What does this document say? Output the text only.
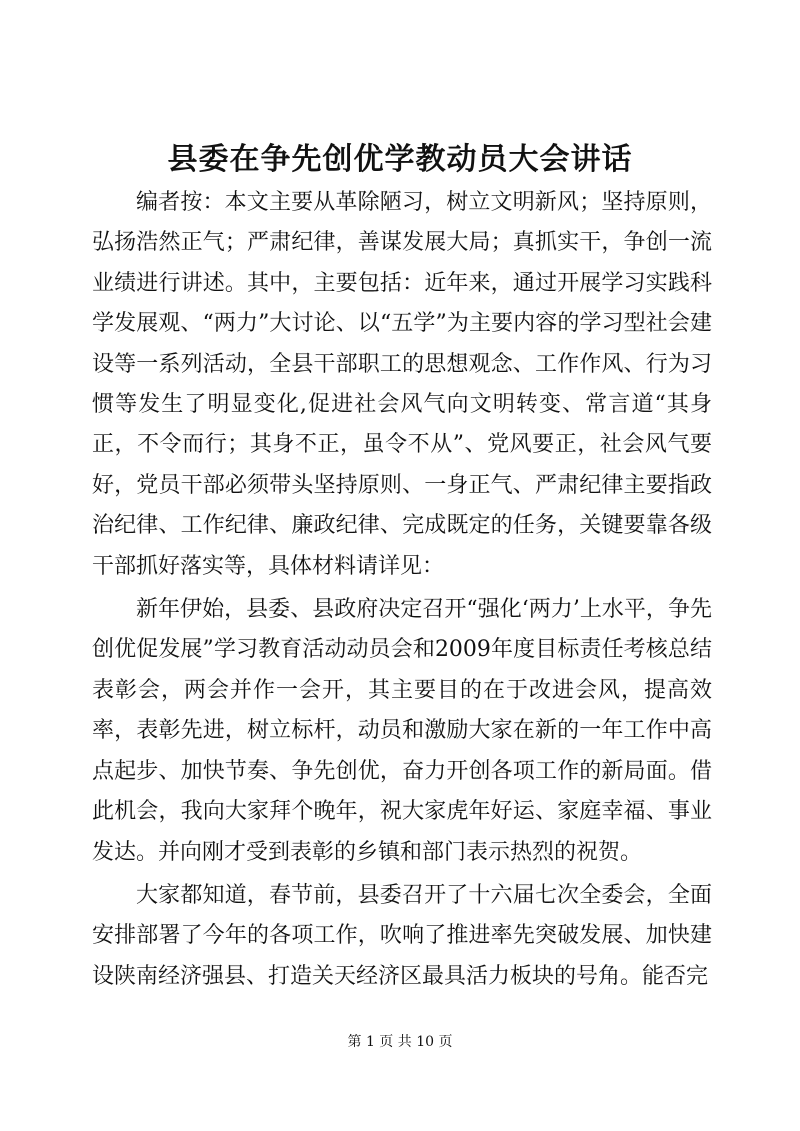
县委在争先创优学教动员大会讲话

编者按：本文主要从革除陋习，树立文明新风；坚持原则，弘扬浩然正气；严肃纪律，善谋发展大局；真抓实干，争创一流业绩进行讲述。其中，主要包括：近年来，通过开展学习实践科学发展观、“两力”大讨论、以“五学”为主要内容的学习型社会建设等一系列活动，全县干部职工的思想观念、工作作风、行为习惯等发生了明显变化,促进社会风气向文明转变、常言道“其身正，不令而行；其身不正，虽令不从”、党风要正，社会风气要好，党员干部必须带头坚持原则、一身正气、严肃纪律主要指政治纪律、工作纪律、廉政纪律、完成既定的任务，关键要靠各级干部抓好落实等，具体材料请详见：

新年伊始，县委、县政府决定召开“强化‘两力’上水平，争先创优促发展”学习教育活动动员会和2009年度目标责任考核总结表彰会，两会并作一会开，其主要目的在于改进会风，提高效率，表彰先进，树立标杆，动员和激励大家在新的一年工作中高点起步、加快节奏、争先创优，奋力开创各项工作的新局面。借此机会，我向大家拜个晚年，祝大家虎年好运、家庭幸福、事业发达。并向刚才受到表彰的乡镇和部门表示热烈的祝贺。

大家都知道，春节前，县委召开了十六届七次全委会，全面安排部署了今年的各项工作，吹响了推进率先突破发展、加快建设陕南经济强县、打造关天经济区最具活力板块的号角。能否完

第 1 页 共 10 页
